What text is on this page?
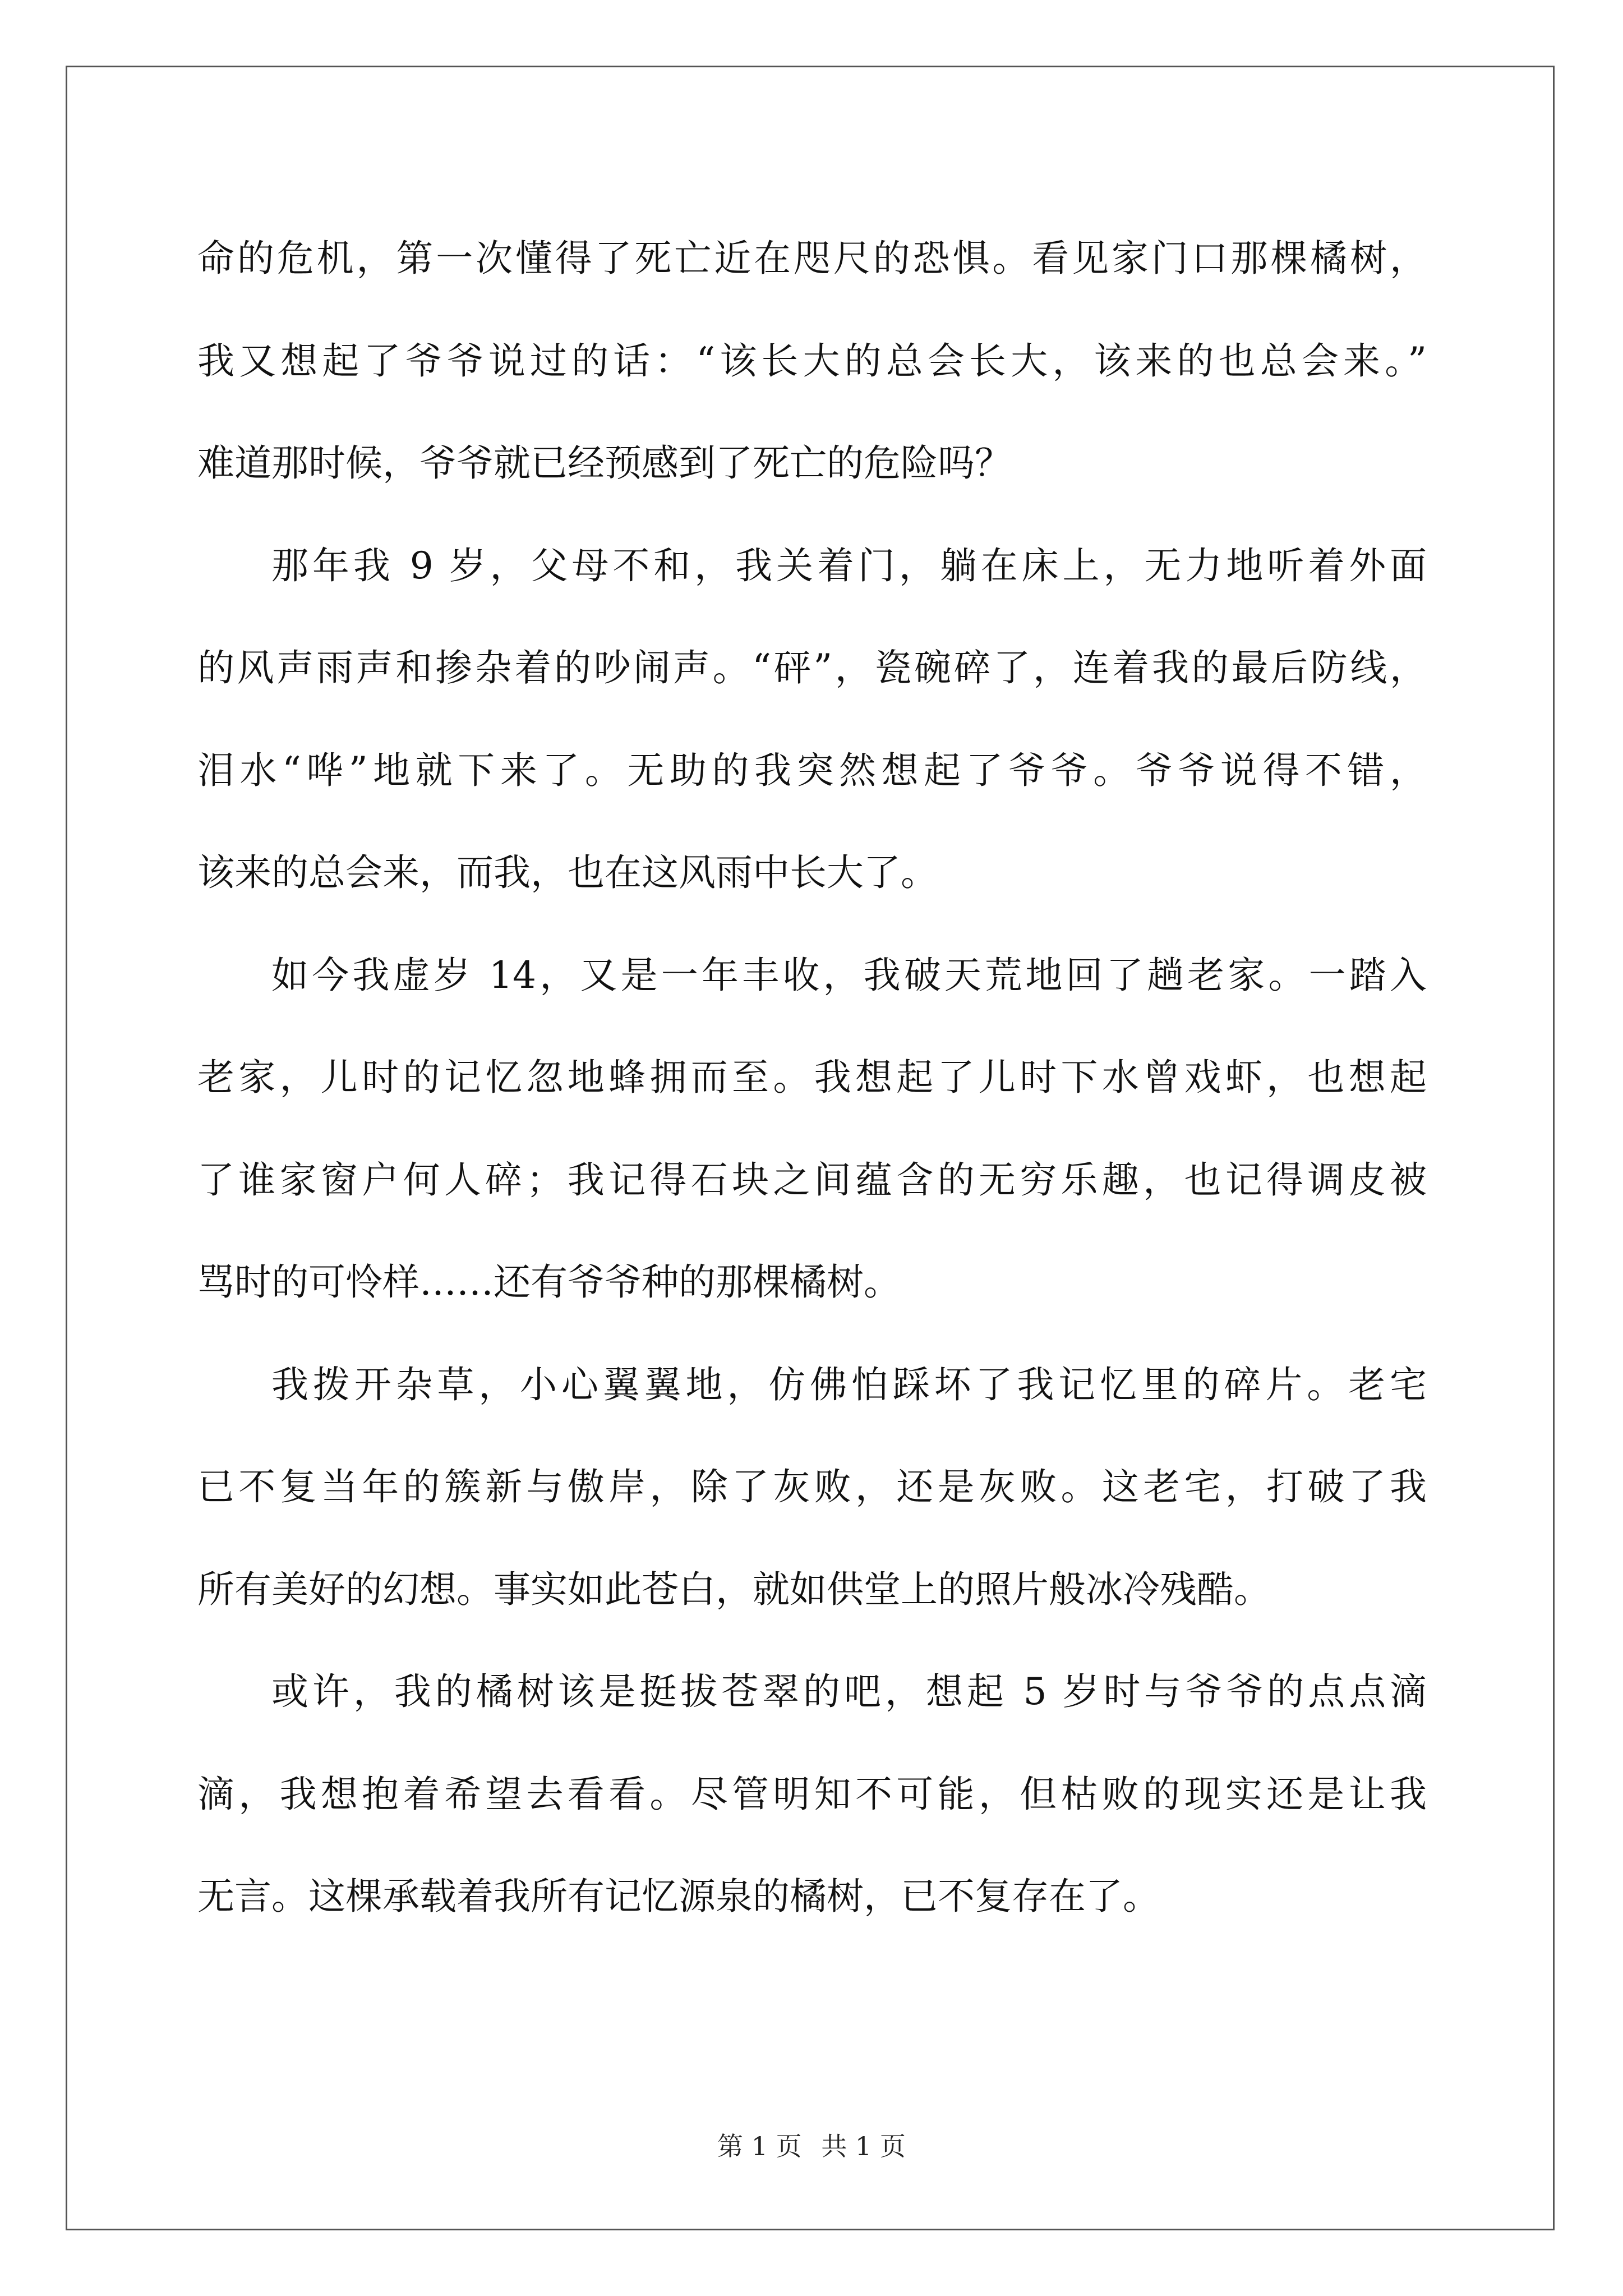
命的危机，第一次懂得了死亡近在咫尺的恐惧。看见家门口那棵橘树，
我又想起了爷爷说过的话：“该长大的总会长大，该来的也总会来。”
难道那时候，爷爷就已经预感到了死亡的危险吗？
那年我 9 岁，父母不和，我关着门，躺在床上，无力地听着外面
的风声雨声和掺杂着的吵闹声。“砰”，瓷碗碎了，连着我的最后防线，
泪水“哗”地就下来了。无助的我突然想起了爷爷。爷爷说得不错，
该来的总会来，而我，也在这风雨中长大了。
如今我虚岁 14，又是一年丰收，我破天荒地回了趟老家。一踏入
老家，儿时的记忆忽地蜂拥而至。我想起了儿时下水曾戏虾，也想起
了谁家窗户何人碎；我记得石块之间蕴含的无穷乐趣，也记得调皮被
骂时的可怜样……还有爷爷种的那棵橘树。
我拨开杂草，小心翼翼地，仿佛怕踩坏了我记忆里的碎片。老宅
已不复当年的簇新与傲岸，除了灰败，还是灰败。这老宅，打破了我
所有美好的幻想。事实如此苍白，就如供堂上的照片般冰冷残酷。
或许，我的橘树该是挺拔苍翠的吧，想起 5 岁时与爷爷的点点滴
滴，我想抱着希望去看看。尽管明知不可能，但枯败的现实还是让我
无言。这棵承载着我所有记忆源泉的橘树，已不复存在了。
第 1 页 共 1 页
